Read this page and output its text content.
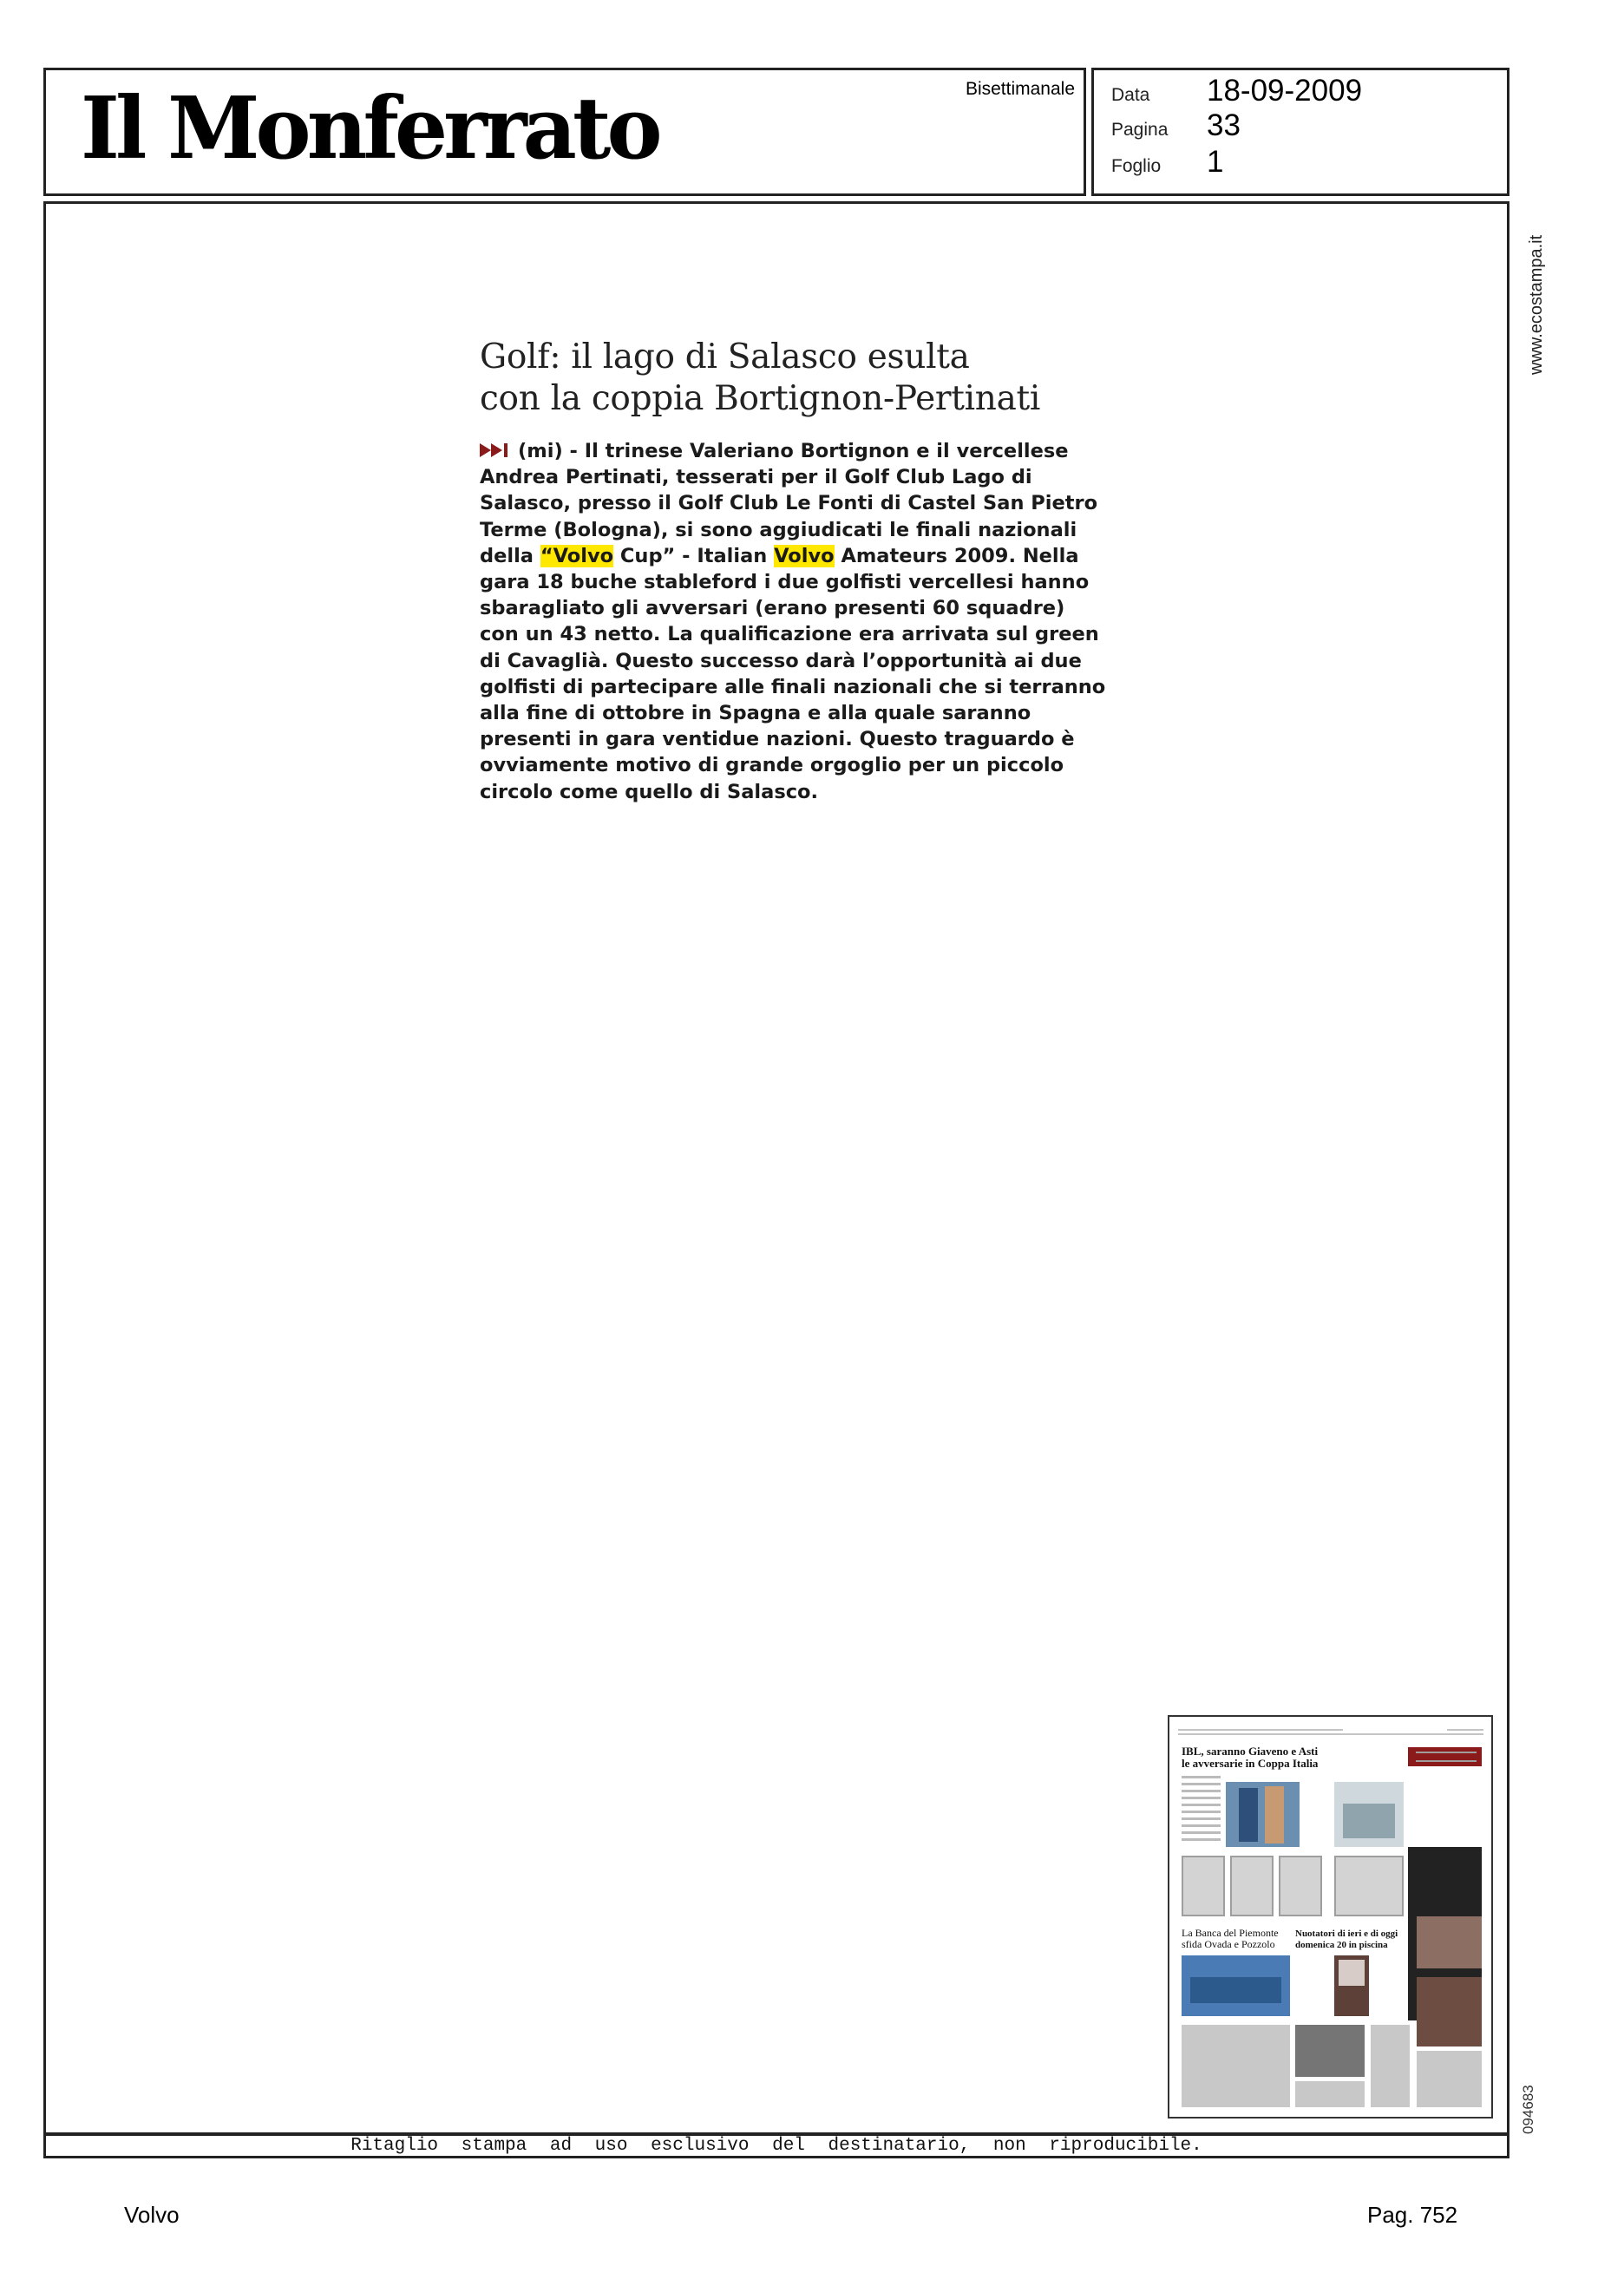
Il Monferrato	Bisettimanale Data	18-09-2009
Pagina	33
Foglio	1
www.ecostampa.it
Golf: il lago di Salasco esulta
con la coppia Bortignon-Pertinati
(mi) - Il trinese Valeriano Bortignon e il vercellese
Andrea Pertinati, tesserati per il Golf Club Lago di
Salasco, presso il Golf Club Le Fonti di Castel San Pietro
Terme (Bologna), si sono aggiudicati le finali nazionali
della “Volvo Cup” - Italian Volvo Amateurs 2009. Nella
gara 18 buche stableford i due golfisti vercellesi hanno
sbaragliato gli avversari (erano presenti 60 squadre)
con un 43 netto. La qualificazione era arrivata sul green
di Cavaglià. Questo successo darà l’opportunità ai due
golfisti di partecipare alle finali nazionali che si terranno
alla fine di ottobre in Spagna e alla quale saranno
presenti in gara ventidue nazioni. Questo traguardo è
ovviamente motivo di grande orgoglio per un piccolo
circolo come quello di Salasco.
IBL, saranno Giaveno e Asti
le avversarie in Coppa Italia
La Banca del Piemonte
sfida Ovada e Pozzolo
Nuotatori di ieri e di oggi
domenica 20 in piscina
094683
Ritaglio stampa ad uso esclusivo del destinatario, non riproducibile.
Volvo	Pag. 752
